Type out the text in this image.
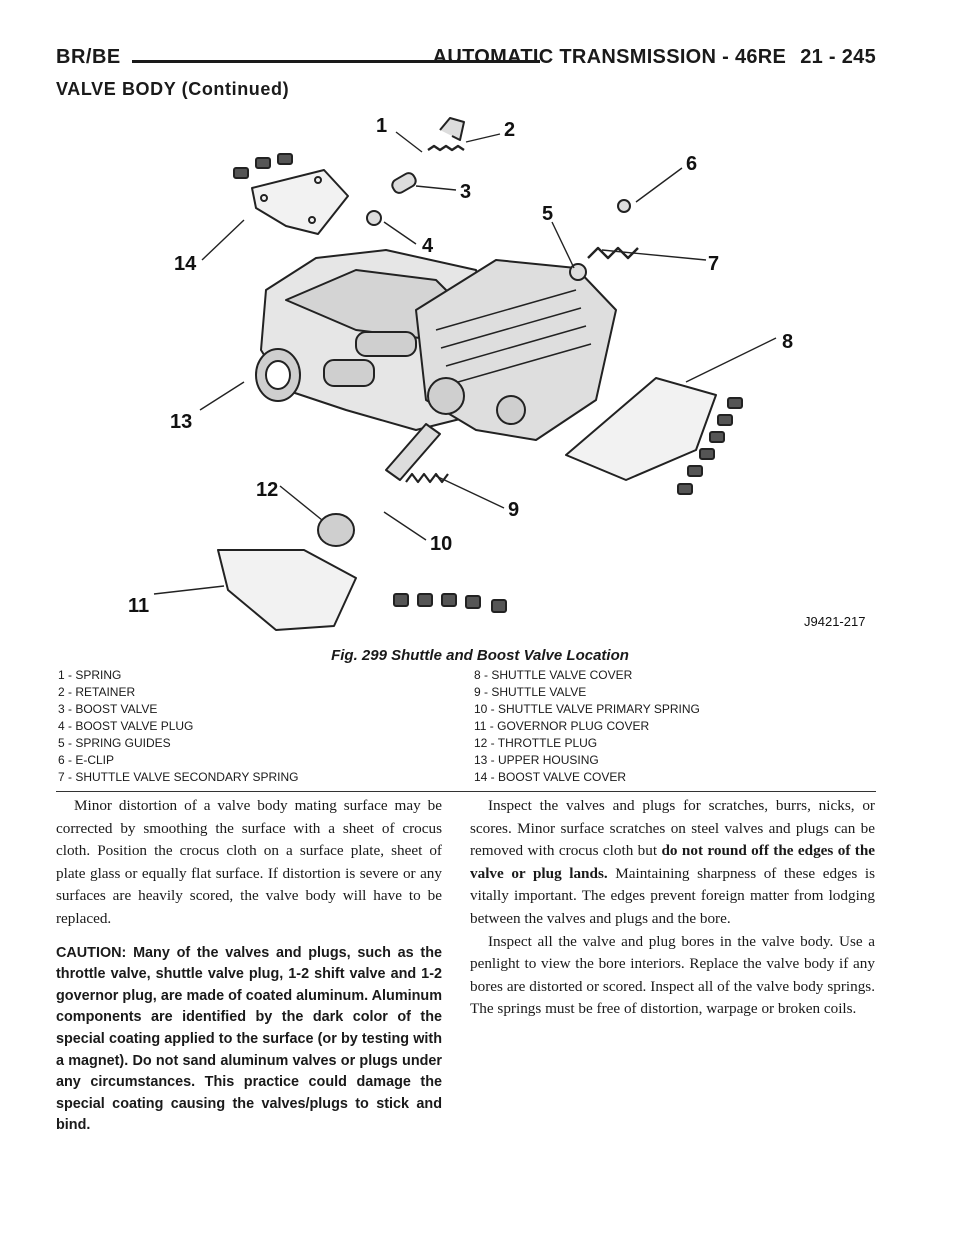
BR/BE	AUTOMATIC TRANSMISSION - 46RE 21 - 245
VALVE BODY (Continued)
1	2
3
4
5
6
7
8
9
10
11
12
13
14
J9421-217
Fig. 299 Shuttle and Boost Valve Location
1 - SPRING	8 - SHUTTLE VALVE COVER
2 - RETAINER	9 - SHUTTLE VALVE
3 - BOOST VALVE	10 - SHUTTLE VALVE PRIMARY SPRING
4 - BOOST VALVE PLUG	11 - GOVERNOR PLUG COVER
5 - SPRING GUIDES	12 - THROTTLE PLUG
6 - E-CLIP	13 - UPPER HOUSING
7 - SHUTTLE VALVE SECONDARY SPRING	14 - BOOST VALVE COVER

Minor distortion of a valve body mating surface may be corrected by smoothing the surface with a sheet of crocus cloth. Position the crocus cloth on a surface plate, sheet of plate glass or equally flat surface. If distortion is severe or any surfaces are heavily scored, the valve body will have to be replaced.

CAUTION: Many of the valves and plugs, such as the throttle valve, shuttle valve plug, 1-2 shift valve and 1-2 governor plug, are made of coated aluminum. Aluminum components are identified by the dark color of the special coating applied to the surface (or by testing with a magnet). Do not sand aluminum valves or plugs under any circumstances. This practice could damage the special coating causing the valves/plugs to stick and bind.

Inspect the valves and plugs for scratches, burrs, nicks, or scores. Minor surface scratches on steel valves and plugs can be removed with crocus cloth but do not round off the edges of the valve or plug lands. Maintaining sharpness of these edges is vitally important. The edges prevent foreign matter from lodging between the valves and plugs and the bore.

Inspect all the valve and plug bores in the valve body. Use a penlight to view the bore interiors. Replace the valve body if any bores are distorted or scored. Inspect all of the valve body springs. The springs must be free of distortion, warpage or broken coils.
